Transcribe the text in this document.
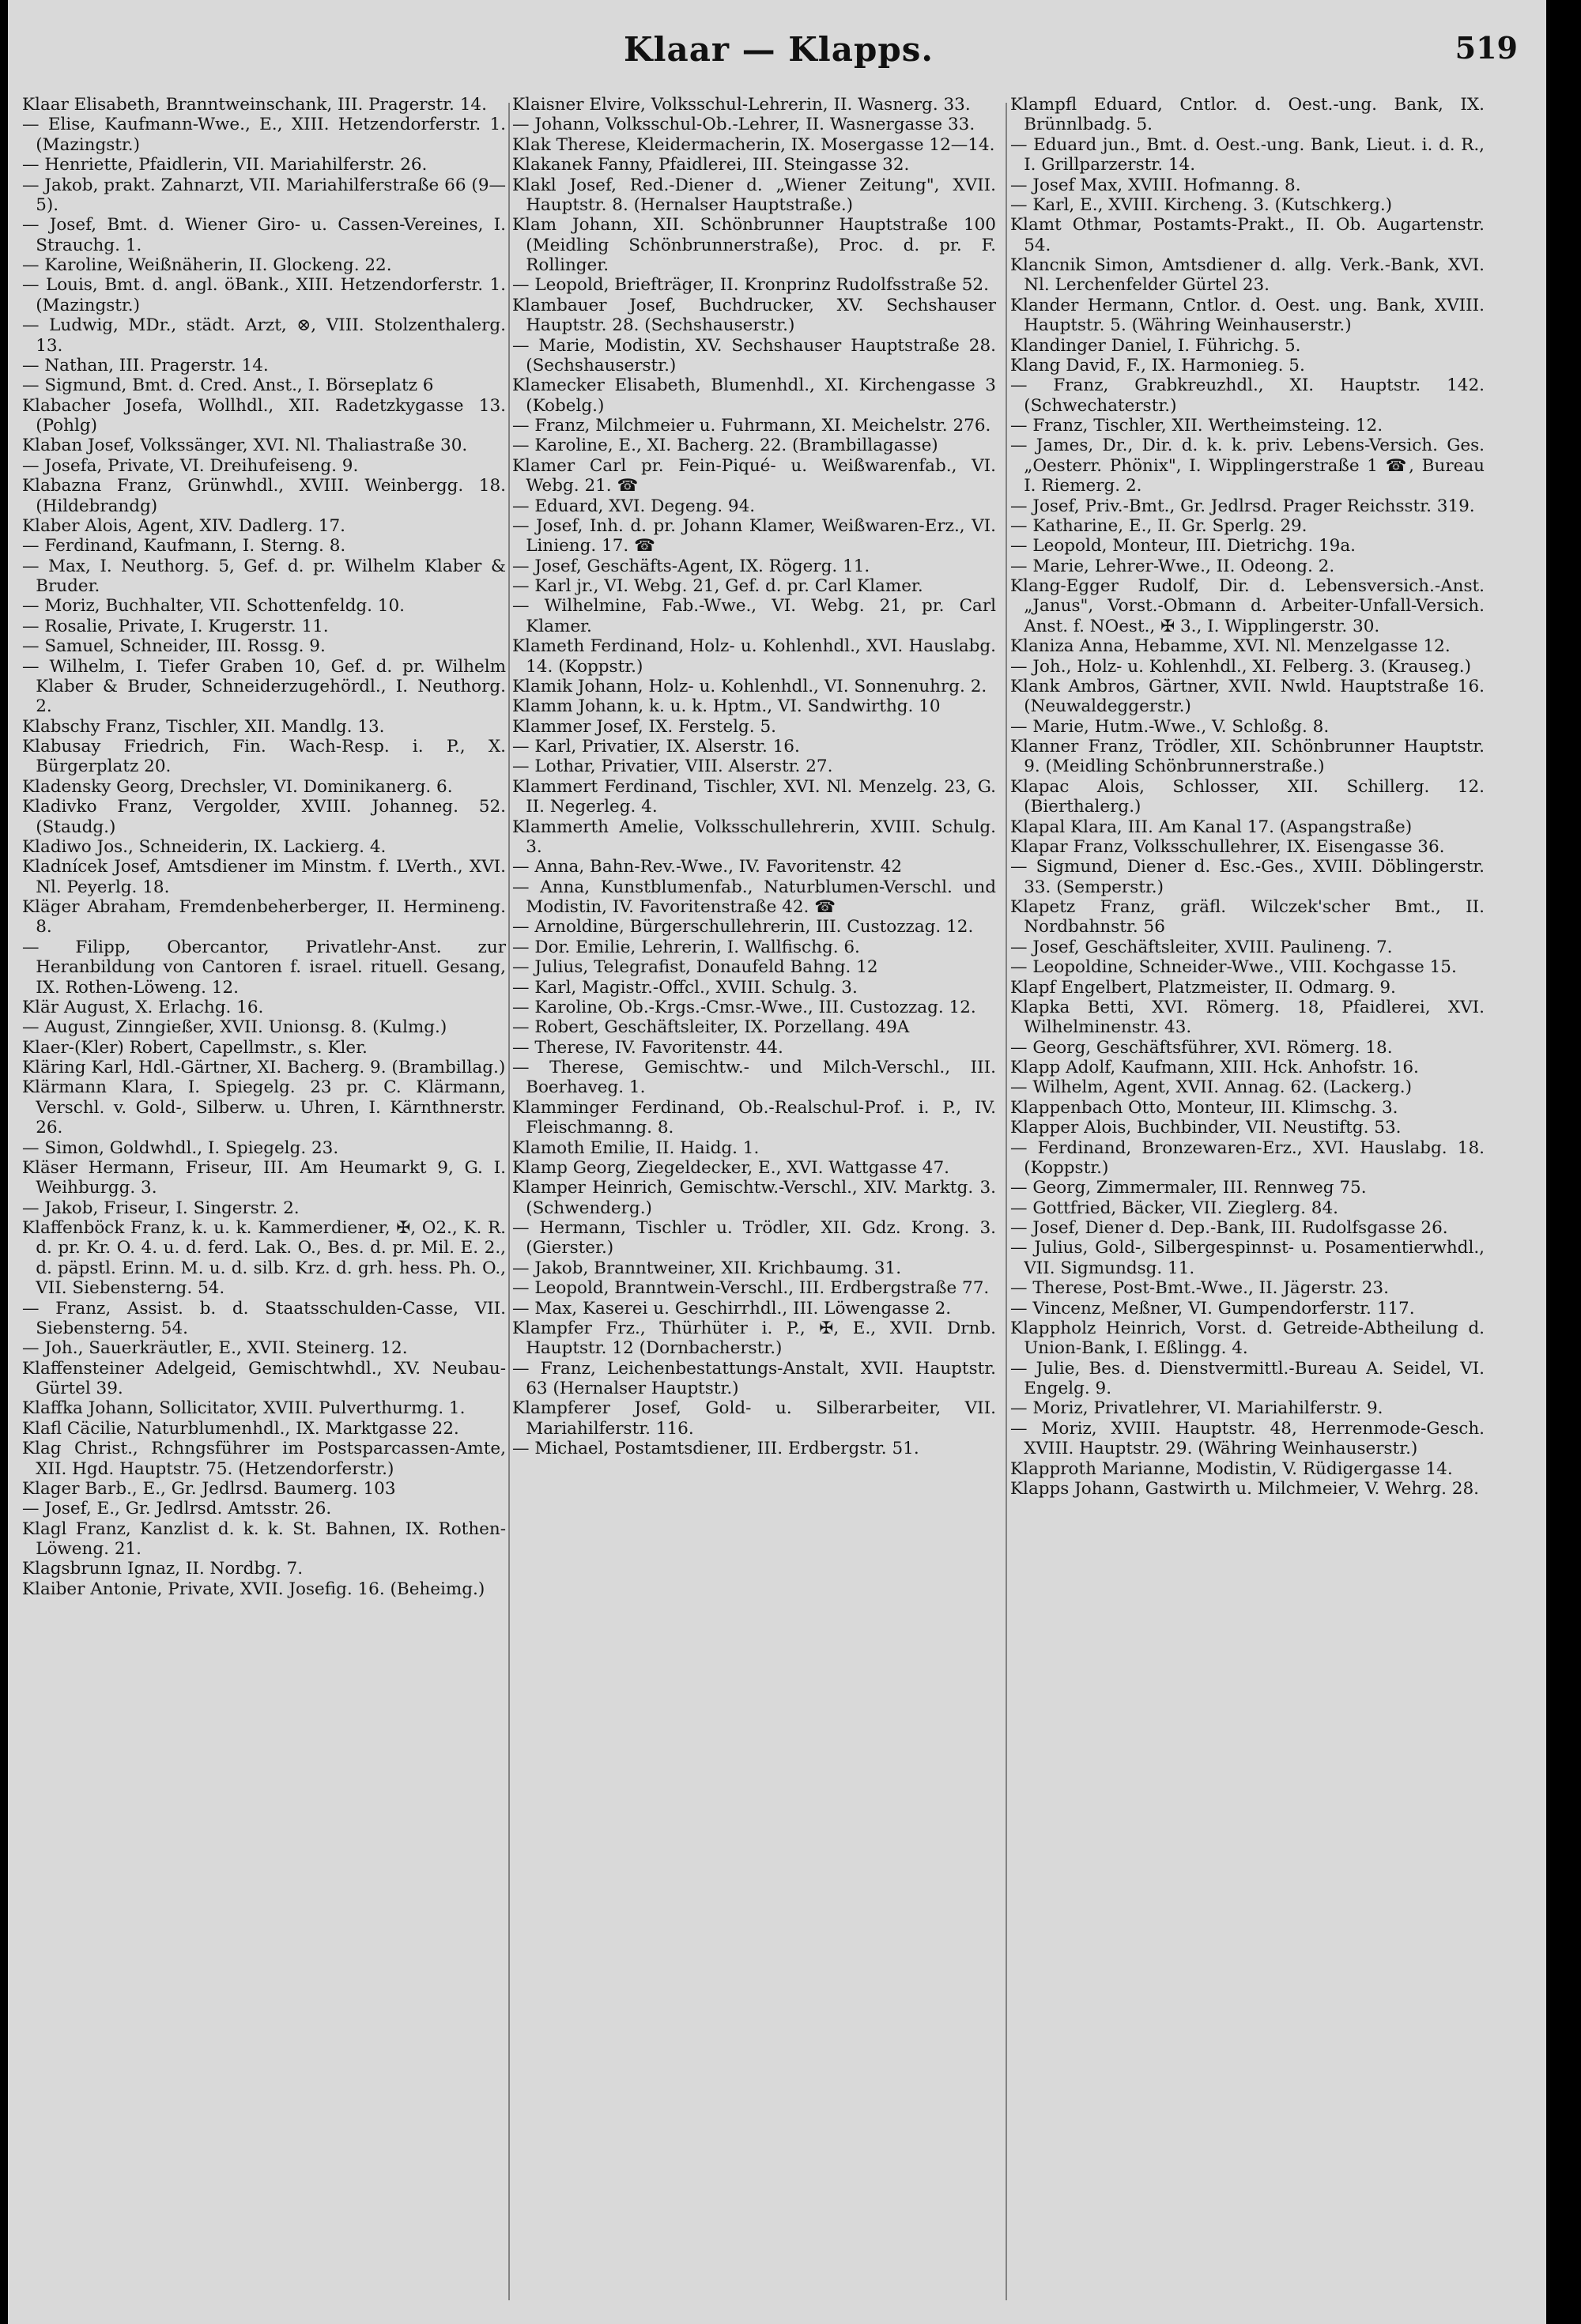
Klaar — Klapps.	519

Klaar Elisabeth, Branntweinschank, III. Pragerstr. 14.

— Elise, Kaufmann-Wwe., E., XIII. Hetzendorferstr. 1. (Mazingstr.)

— Henriette, Pfaidlerin, VII. Mariahilferstr. 26.

— Jakob, prakt. Zahnarzt, VII. Mariahilferstraße 66 (9—5).

— Josef, Bmt. d. Wiener Giro- u. Cassen-Vereines, I. Strauchg. 1.

— Karoline, Weißnäherin, II. Glockeng. 22.

— Louis, Bmt. d. angl. öBank., XIII. Hetzendorferstr. 1. (Mazingstr.)

— Ludwig, MDr., städt. Arzt, ⊗, VIII. Stolzenthalerg. 13.

— Nathan, III. Pragerstr. 14.

— Sigmund, Bmt. d. Cred. Anst., I. Börseplatz 6

Klabacher Josefa, Wollhdl., XII. Radetzkygasse 13. (Pohlg)

Klaban Josef, Volkssänger, XVI. Nl. Thaliastraße 30.

— Josefa, Private, VI. Dreihufeiseng. 9.

Klabazna Franz, Grünwhdl., XVIII. Weinbergg. 18. (Hildebrandg)

Klaber Alois, Agent, XIV. Dadlerg. 17.

— Ferdinand, Kaufmann, I. Sterng. 8.

— Max, I. Neuthorg. 5, Gef. d. pr. Wilhelm Klaber & Bruder.

— Moriz, Buchhalter, VII. Schottenfeldg. 10.

— Rosalie, Private, I. Krugerstr. 11.

— Samuel, Schneider, III. Rossg. 9.

— Wilhelm, I. Tiefer Graben 10, Gef. d. pr. Wilhelm Klaber & Bruder, Schneiderzugehördl., I. Neuthorg. 2.

Klabschy Franz, Tischler, XII. Mandlg. 13.

Klabusay Friedrich, Fin. Wach-Resp. i. P., X. Bürgerplatz 20.

Kladensky Georg, Drechsler, VI. Dominikanerg. 6.

Kladivko Franz, Vergolder, XVIII. Johanneg. 52. (Staudg.)

Kladiwo Jos., Schneiderin, IX. Lackierg. 4.

Kladnícek Josef, Amtsdiener im Minstm. f. LVerth., XVI. Nl. Peyerlg. 18.

Kläger Abraham, Fremdenbeherberger, II. Hermineng. 8.

— Filipp, Obercantor, Privatlehr-Anst. zur Heranbildung von Cantoren f. israel. rituell. Gesang, IX. Rothen-Löweng. 12.

Klär August, X. Erlachg. 16.

— August, Zinngießer, XVII. Unionsg. 8. (Kulmg.)

Klaer-(Kler) Robert, Capellmstr., s. Kler.

Kläring Karl, Hdl.-Gärtner, XI. Bacherg. 9. (Brambillag.)

Klärmann Klara, I. Spiegelg. 23 pr. C. Klärmann, Verschl. v. Gold-, Silberw. u. Uhren, I. Kärnthnerstr. 26.

— Simon, Goldwhdl., I. Spiegelg. 23.

Kläser Hermann, Friseur, III. Am Heumarkt 9, G. I. Weihburgg. 3.

— Jakob, Friseur, I. Singerstr. 2.

Klaffenböck Franz, k. u. k. Kammerdiener, ✠, O2., K. R. d. pr. Kr. O. 4. u. d. ferd. Lak. O., Bes. d. pr. Mil. E. 2., d. päpstl. Erinn. M. u. d. silb. Krz. d. grh. hess. Ph. O., VII. Siebensterng. 54.

— Franz, Assist. b. d. Staatsschulden-Casse, VII. Siebensterng. 54.

— Joh., Sauerkräutler, E., XVII. Steinerg. 12.

Klaffensteiner Adelgeid, Gemischtwhdl., XV. Neubau-Gürtel 39.

Klaffka Johann, Sollicitator, XVIII. Pulverthurmg. 1.

Klafl Cäcilie, Naturblumenhdl., IX. Marktgasse 22.

Klag Christ., Rchngsführer im Postsparcassen-Amte, XII. Hgd. Hauptstr. 75. (Hetzendorferstr.)

Klager Barb., E., Gr. Jedlrsd. Baumerg. 103

— Josef, E., Gr. Jedlrsd. Amtsstr. 26.

Klagl Franz, Kanzlist d. k. k. St. Bahnen, IX. Rothen-Löweng. 21.

Klagsbrunn Ignaz, II. Nordbg. 7.

Klaiber Antonie, Private, XVII. Josefig. 16. (Beheimg.)

Klaisner Elvire, Volksschul-Lehrerin, II. Wasnerg. 33.

— Johann, Volksschul-Ob.-Lehrer, II. Wasnergasse 33.

Klak Therese, Kleidermacherin, IX. Mosergasse 12—14.

Klakanek Fanny, Pfaidlerei, III. Steingasse 32.

Klakl Josef, Red.-Diener d. „Wiener Zeitung", XVII. Hauptstr. 8. (Hernalser Hauptstraße.)

Klam Johann, XII. Schönbrunner Hauptstraße 100 (Meidling Schönbrunnerstraße), Proc. d. pr. F. Rollinger.

— Leopold, Briefträger, II. Kronprinz Rudolfsstraße 52.

Klambauer Josef, Buchdrucker, XV. Sechshauser Hauptstr. 28. (Sechshauserstr.)

— Marie, Modistin, XV. Sechshauser Hauptstraße 28. (Sechshauserstr.)

Klamecker Elisabeth, Blumenhdl., XI. Kirchengasse 3 (Kobelg.)

— Franz, Milchmeier u. Fuhrmann, XI. Meichelstr. 276.

— Karoline, E., XI. Bacherg. 22. (Brambillagasse)

Klamer Carl pr. Fein-Piqué- u. Weißwarenfab., VI. Webg. 21. ☎

— Eduard, XVI. Degeng. 94.

— Josef, Inh. d. pr. Johann Klamer, Weißwaren-Erz., VI. Linieng. 17. ☎

— Josef, Geschäfts-Agent, IX. Rögerg. 11.

— Karl jr., VI. Webg. 21, Gef. d. pr. Carl Klamer.

— Wilhelmine, Fab.-Wwe., VI. Webg. 21, pr. Carl Klamer.

Klameth Ferdinand, Holz- u. Kohlenhdl., XVI. Hauslabg. 14. (Koppstr.)

Klamik Johann, Holz- u. Kohlenhdl., VI. Sonnenuhrg. 2.

Klamm Johann, k. u. k. Hptm., VI. Sandwirthg. 10

Klammer Josef, IX. Ferstelg. 5.

— Karl, Privatier, IX. Alserstr. 16.

— Lothar, Privatier, VIII. Alserstr. 27.

Klammert Ferdinand, Tischler, XVI. Nl. Menzelg. 23, G. II. Negerleg. 4.

Klammerth Amelie, Volksschullehrerin, XVIII. Schulg. 3.

— Anna, Bahn-Rev.-Wwe., IV. Favoritenstr. 42

— Anna, Kunstblumenfab., Naturblumen-Verschl. und Modistin, IV. Favoritenstraße 42. ☎

— Arnoldine, Bürgerschullehrerin, III. Custozzag. 12.

— Dor. Emilie, Lehrerin, I. Wallfischg. 6.

— Julius, Telegrafist, Donaufeld Bahng. 12

— Karl, Magistr.-Offcl., XVIII. Schulg. 3.

— Karoline, Ob.-Krgs.-Cmsr.-Wwe., III. Custozzag. 12.

— Robert, Geschäftsleiter, IX. Porzellang. 49A

— Therese, IV. Favoritenstr. 44.

— Therese, Gemischtw.- und Milch-Verschl., III. Boerhaveg. 1.

Klamminger Ferdinand, Ob.-Realschul-Prof. i. P., IV. Fleischmanng. 8.

Klamoth Emilie, II. Haidg. 1.

Klamp Georg, Ziegeldecker, E., XVI. Wattgasse 47.

Klamper Heinrich, Gemischtw.-Verschl., XIV. Marktg. 3. (Schwenderg.)

— Hermann, Tischler u. Trödler, XII. Gdz. Krong. 3. (Gierster.)

— Jakob, Branntweiner, XII. Krichbaumg. 31.

— Leopold, Branntwein-Verschl., III. Erdbergstraße 77.

— Max, Kaserei u. Geschirrhdl., III. Löwengasse 2.

Klampfer Frz., Thürhüter i. P., ✠, E., XVII. Drnb. Hauptstr. 12 (Dornbacherstr.)

— Franz, Leichenbestattungs-Anstalt, XVII. Hauptstr. 63 (Hernalser Hauptstr.)

Klampferer Josef, Gold- u. Silberarbeiter, VII. Mariahilferstr. 116.

— Michael, Postamtsdiener, III. Erdbergstr. 51.

Klampfl Eduard, Cntlor. d. Oest.-ung. Bank, IX. Brünnlbadg. 5.

— Eduard jun., Bmt. d. Oest.-ung. Bank, Lieut. i. d. R., I. Grillparzerstr. 14.

— Josef Max, XVIII. Hofmanng. 8.

— Karl, E., XVIII. Kircheng. 3. (Kutschkerg.)

Klamt Othmar, Postamts-Prakt., II. Ob. Augartenstr. 54.

Klancnik Simon, Amtsdiener d. allg. Verk.-Bank, XVI. Nl. Lerchenfelder Gürtel 23.

Klander Hermann, Cntlor. d. Oest. ung. Bank, XVIII. Hauptstr. 5. (Währing Weinhauserstr.)

Klandinger Daniel, I. Führichg. 5.

Klang David, F., IX. Harmonieg. 5.

— Franz, Grabkreuzhdl., XI. Hauptstr. 142. (Schwechaterstr.)

— Franz, Tischler, XII. Wertheimsteing. 12.

— James, Dr., Dir. d. k. k. priv. Lebens-Versich. Ges. „Oesterr. Phönix", I. Wipplingerstraße 1 ☎, Bureau I. Riemerg. 2.

— Josef, Priv.-Bmt., Gr. Jedlrsd. Prager Reichsstr. 319.

— Katharine, E., II. Gr. Sperlg. 29.

— Leopold, Monteur, III. Dietrichg. 19a.

— Marie, Lehrer-Wwe., II. Odeong. 2.

Klang-Egger Rudolf, Dir. d. Lebensversich.-Anst. „Janus", Vorst.-Obmann d. Arbeiter-Unfall-Versich. Anst. f. NOest., ✠ 3., I. Wipplingerstr. 30.

Klaniza Anna, Hebamme, XVI. Nl. Menzelgasse 12.

— Joh., Holz- u. Kohlenhdl., XI. Felberg. 3. (Krauseg.)

Klank Ambros, Gärtner, XVII. Nwld. Hauptstraße 16. (Neuwaldeggerstr.)

— Marie, Hutm.-Wwe., V. Schloßg. 8.

Klanner Franz, Trödler, XII. Schönbrunner Hauptstr. 9. (Meidling Schönbrunnerstraße.)

Klapac Alois, Schlosser, XII. Schillerg. 12. (Bierthalerg.)

Klapal Klara, III. Am Kanal 17. (Aspangstraße)

Klapar Franz, Volksschullehrer, IX. Eisengasse 36.

— Sigmund, Diener d. Esc.-Ges., XVIII. Döblingerstr. 33. (Semperstr.)

Klapetz Franz, gräfl. Wilczek'scher Bmt., II. Nordbahnstr. 56

— Josef, Geschäftsleiter, XVIII. Paulineng. 7.

— Leopoldine, Schneider-Wwe., VIII. Kochgasse 15.

Klapf Engelbert, Platzmeister, II. Odmarg. 9.

Klapka Betti, XVI. Römerg. 18, Pfaidlerei, XVI. Wilhelminenstr. 43.

— Georg, Geschäftsführer, XVI. Römerg. 18.

Klapp Adolf, Kaufmann, XIII. Hck. Anhofstr. 16.

— Wilhelm, Agent, XVII. Annag. 62. (Lackerg.)

Klappenbach Otto, Monteur, III. Klimschg. 3.

Klapper Alois, Buchbinder, VII. Neustiftg. 53.

— Ferdinand, Bronzewaren-Erz., XVI. Hauslabg. 18. (Koppstr.)

— Georg, Zimmermaler, III. Rennweg 75.

— Gottfried, Bäcker, VII. Zieglerg. 84.

— Josef, Diener d. Dep.-Bank, III. Rudolfsgasse 26.

— Julius, Gold-, Silbergespinnst- u. Posamentierwhdl., VII. Sigmundsg. 11.

— Therese, Post-Bmt.-Wwe., II. Jägerstr. 23.

— Vincenz, Meßner, VI. Gumpendorferstr. 117.

Klappholz Heinrich, Vorst. d. Getreide-Abtheilung d. Union-Bank, I. Eßlingg. 4.

— Julie, Bes. d. Dienstvermittl.-Bureau A. Seidel, VI. Engelg. 9.

— Moriz, Privatlehrer, VI. Mariahilferstr. 9.

— Moriz, XVIII. Hauptstr. 48, Herrenmode-Gesch. XVIII. Hauptstr. 29. (Währing Weinhauserstr.)

Klapproth Marianne, Modistin, V. Rüdigergasse 14.

Klapps Johann, Gastwirth u. Milchmeier, V. Wehrg. 28.
